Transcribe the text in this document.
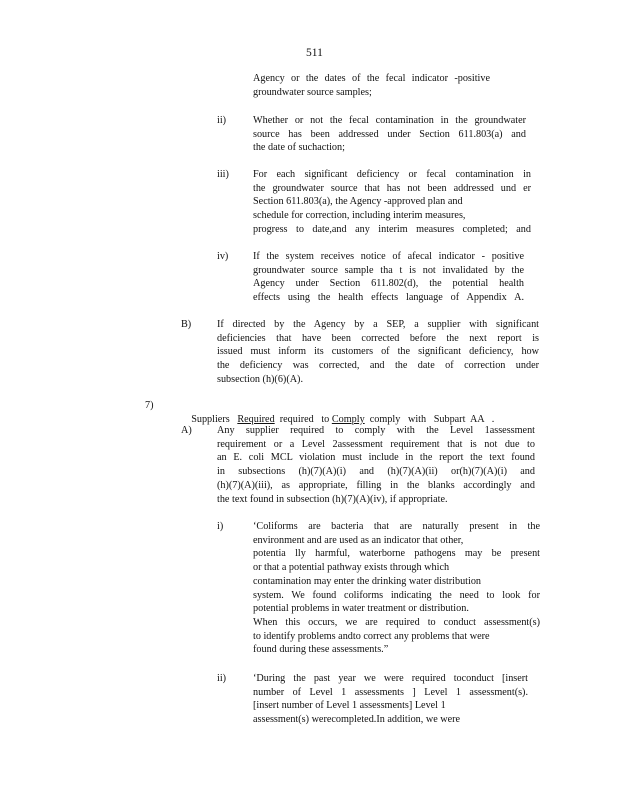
511

Agency or the dates of the fecal indicator -positive

groundwater source samples;

ii)	Whether or not the fecal contamination in the groundwater

source has been addressed under Section 611.803(a) and

the date of suchaction;

iii) For each significant deficiency or fecal contamination in

the groundwater source that has not been addressed und er

Section 611.803(a), the Agency -approved plan and

schedule for correction, including interim measures,

progress to date,and any interim measures completed; and

iv) If the system receives notice of afecal indicator - positive

groundwater source sample tha t is not invalidated by the

Agency under Section 611.802(d), the potential health

effects using the health effects language of Appendix A.

B)	If directed by the Agency by a SEP, a supplier with significant

deficiencies that have been corrected before the next report is

issued must inform its customers of the significant deficiency, how

the deficiency was corrected, and the date of correction under

subsection (h)(6)(A).

7)

Suppliers   Required  required   to Comply  comply   with   Subpart  AA   .

A) Any supplier required to comply with the Level 1assessment

requirement or a Level 2assessment requirement that is not due to

an E. coli MCL violation must include in the report the text found

in subsections (h)(7)(A)(i) and (h)(7)(A)(ii) or(h)(7)(A)(i) and

(h)(7)(A)(iii), as appropriate, filling in the blanks accordingly and

the text found in subsection (h)(7)(A)(iv), if appropriate.

i)	‘Coliforms are bacteria that are naturally present in the

environment and are used as an indicator that other,

potentia lly harmful, waterborne pathogens may be present

or that a potential pathway exists through which

contamination may enter the drinking water distribution

system. We found coliforms indicating the need to look for

potential problems in water treatment or distribution.

When this occurs, we are required to conduct assessment(s)

to identify problems andto correct any problems that were

found during these assessments.”

ii)	‘During the past year we were required toconduct [insert

number of Level 1 assessments ] Level 1 assessment(s).

[insert number of Level 1 assessments] Level 1

assessment(s) werecompleted.In addition, we were
